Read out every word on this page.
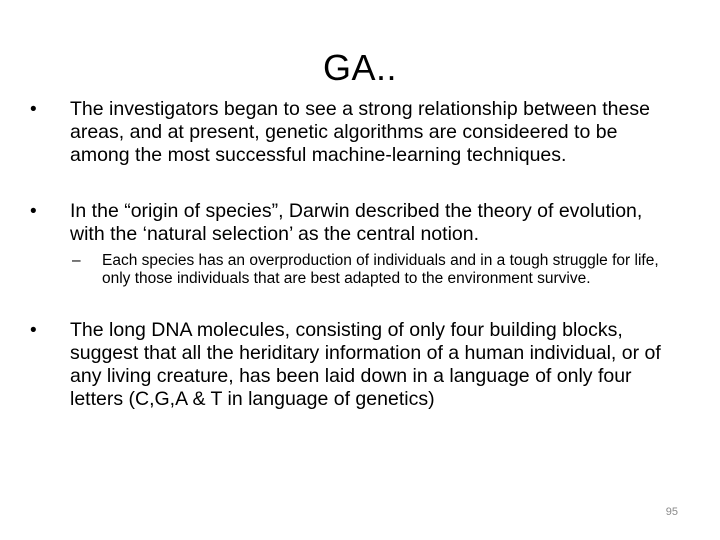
GA..
•	The investigators began to see a strong relationship between these areas, and at present, genetic algorithms are consideered to be among the most successful machine-learning techniques.
•	In the “origin of species”, Darwin described the theory of evolution, with the ‘natural selection’ as the central notion.
–	Each species has an overproduction of individuals and in a tough struggle for life, only those individuals that are best adapted to the environment survive.
•	The long DNA molecules, consisting of only four building blocks, suggest that all the heriditary information of a human individual, or of any living creature, has been laid down in a language of only four letters (C,G,A & T in language of genetics)
95
